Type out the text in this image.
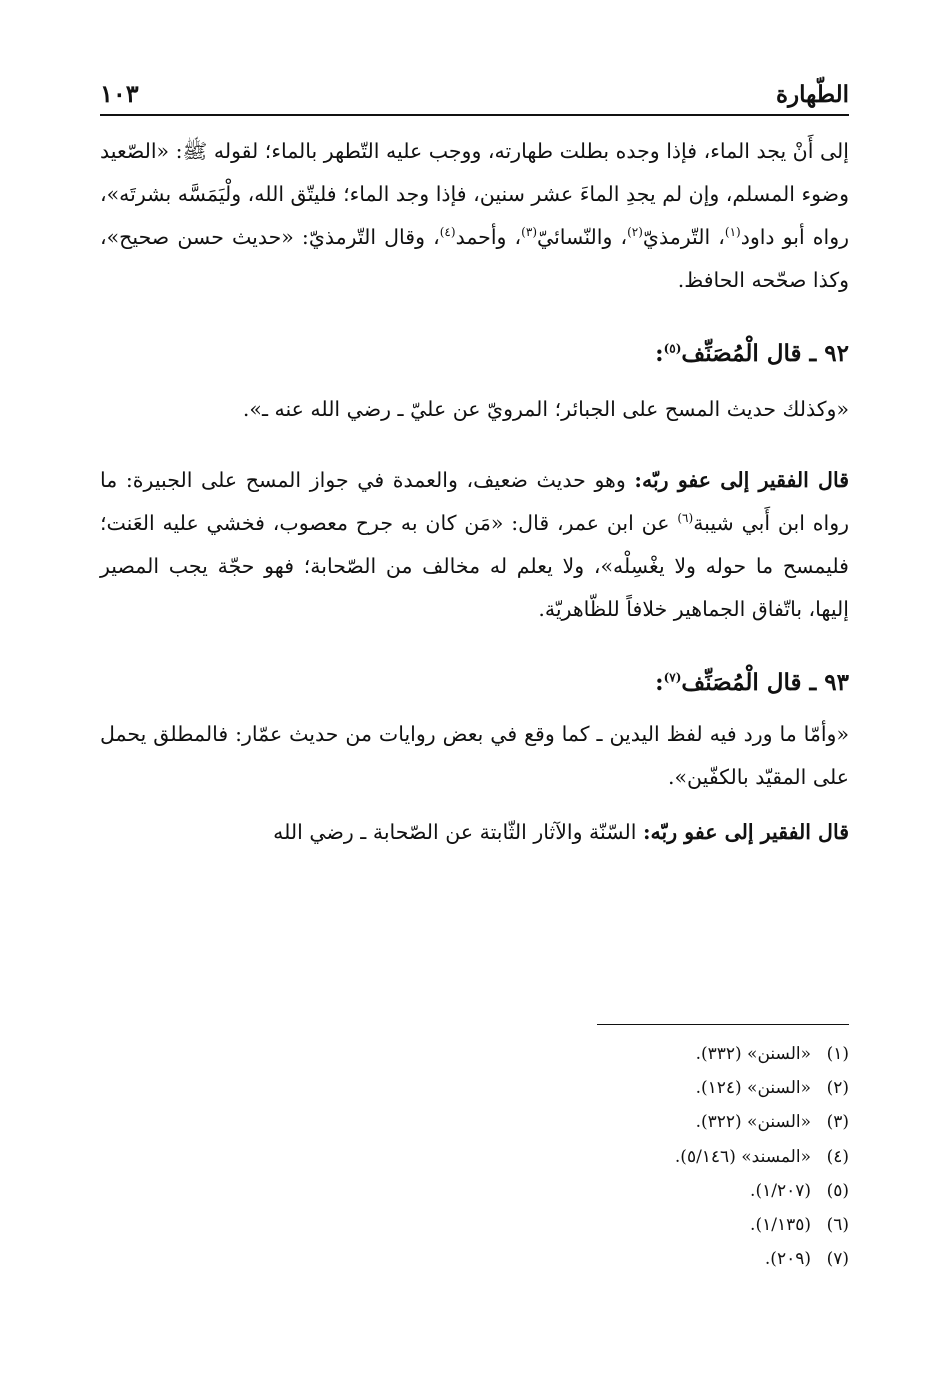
الطّهارة
١٠٣

إلى أَنْ يجد الماء، فإذا وجده بطلت طهارته، ووجب عليه التّطهر بالماء؛ لقوله ﷺ: «الصّعيد وضوء المسلم، وإن لم يجدِ الماءَ عشر سنين، فإذا وجد الماء؛ فليتّق الله، ولْيَمَسَّه بشرتَه»، رواه أبو داود$^{(١)}$، التّرمذيّ$^{(٢)}$، والنّسائيّ$^{(٣)}$، وأحمد$^{(٤)}$، وقال التّرمذيّ: «حديث حسن صحيح»، وكذا صحّحه الحافظ.

٩٢ ـ قال الْمُصَنِّف$^{(٥)}$:

«وكذلك حديث المسح على الجبائر؛ المرويّ عن عليّ ـ رضي الله عنه ـ».

قال الفقير إلى عفو ربّه: وهو حديث ضعيف، والعمدة في جواز المسح على الجبيرة: ما رواه ابن أَبي شيبة$^{(٦)}$ عن ابن عمر، قال: «مَن كان به جرح معصوب، فخشي عليه العَنت؛ فليمسح ما حوله ولا يغْسِلْه»، ولا يعلم له مخالف من الصّحابة؛ فهو حجّة يجب المصير إليها، باتّفاق الجماهير خلافاً للظّاهريّة.

٩٣ ـ قال الْمُصَنِّف$^{(٧)}$:

«وأمّا ما ورد فيه لفظ اليدين ـ كما وقع في بعض روايات من حديث عمّار: فالمطلق يحمل على المقيّد بالكفّين».

قال الفقير إلى عفو ربّه: السّنّة والآثار الثّابتة عن الصّحابة ـ رضي الله

(١)«السنن» (٣٣٢).
(٢)«السنن» (١٢٤).
(٣)«السنن» (٣٢٢).
(٤)«المسند» (٥/١٤٦).
(٥)(١/٢٠٧).
(٦)(١/١٣٥).
(٧)(٢٠٩).
